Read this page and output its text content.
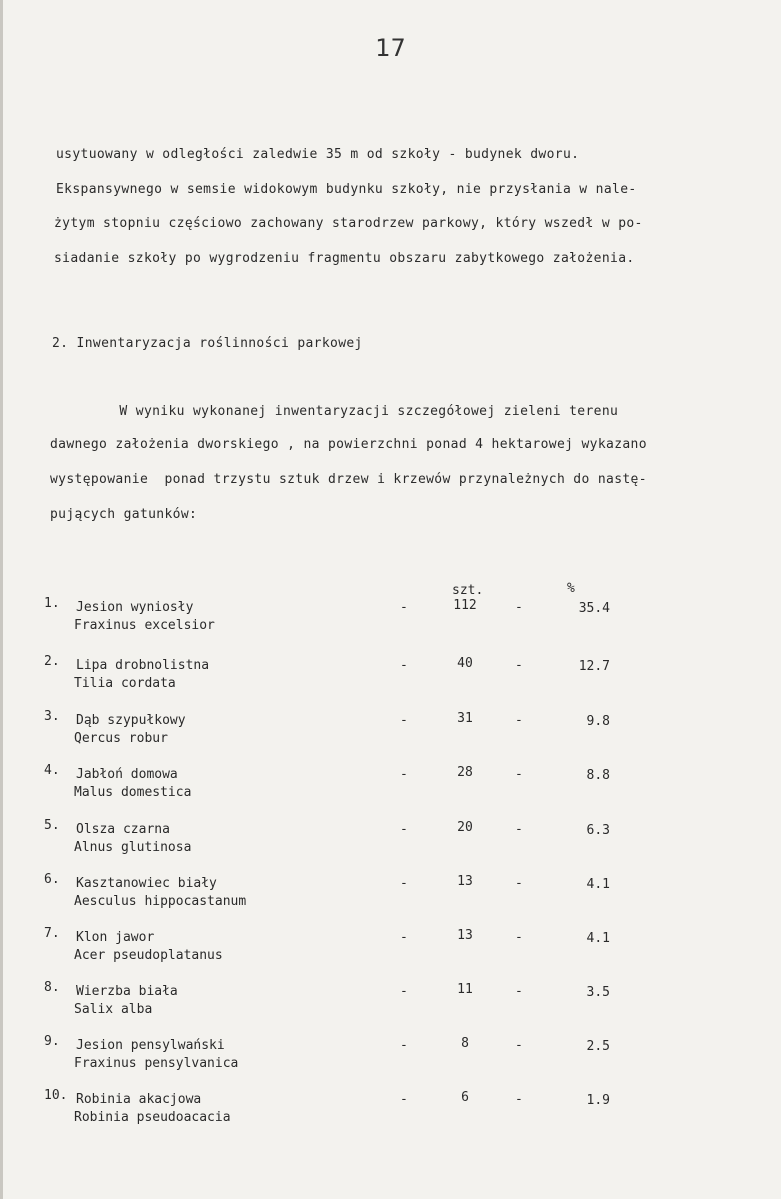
17
usytuowany w odległości zaledwie 35 m od szkoły - budynek dworu.
Ekspansywnego w semsie widokowym budynku szkoły, nie przysłania w nale-
żytym stopniu częściowo zachowany starodrzew parkowy, który wszedł w po-
siadanie szkoły po wygrodzeniu fragmentu obszaru zabytkowego założenia.
2. Inwentaryzacja roślinności parkowej
W wyniku wykonanej inwentaryzacji szczegółowej zieleni terenu
dawnego założenia dworskiego , na powierzchni ponad 4 hektarowej wykazano
występowanie  ponad trzystu sztuk drzew i krzewów przynależnych do nastę-
pujących gatunków:
szt.	%
1. Jesion wyniosły
Fraxinus excelsior
-	112	-	35.4
2. Lipa drobnolistna
Tilia cordata
-	40	-	12.7
3. Dąb szypułkowy
Qercus robur
-	31	-	9.8
4. Jabłoń domowa
Malus domestica
-	28	-	8.8
5. Olsza czarna
Alnus glutinosa
-	20	-	6.3
6. Kasztanowiec biały
Aesculus hippocastanum
-	13	-	4.1
7. Klon jawor
Acer pseudoplatanus
-	13	-	4.1
8. Wierzba biała
Salix alba
-	11	-	3.5
9. Jesion pensylwański
Fraxinus pensylvanica
-	8	-	2.5
10. Robinia akacjowa
Robinia pseudoacacia
-	6	-	1.9
